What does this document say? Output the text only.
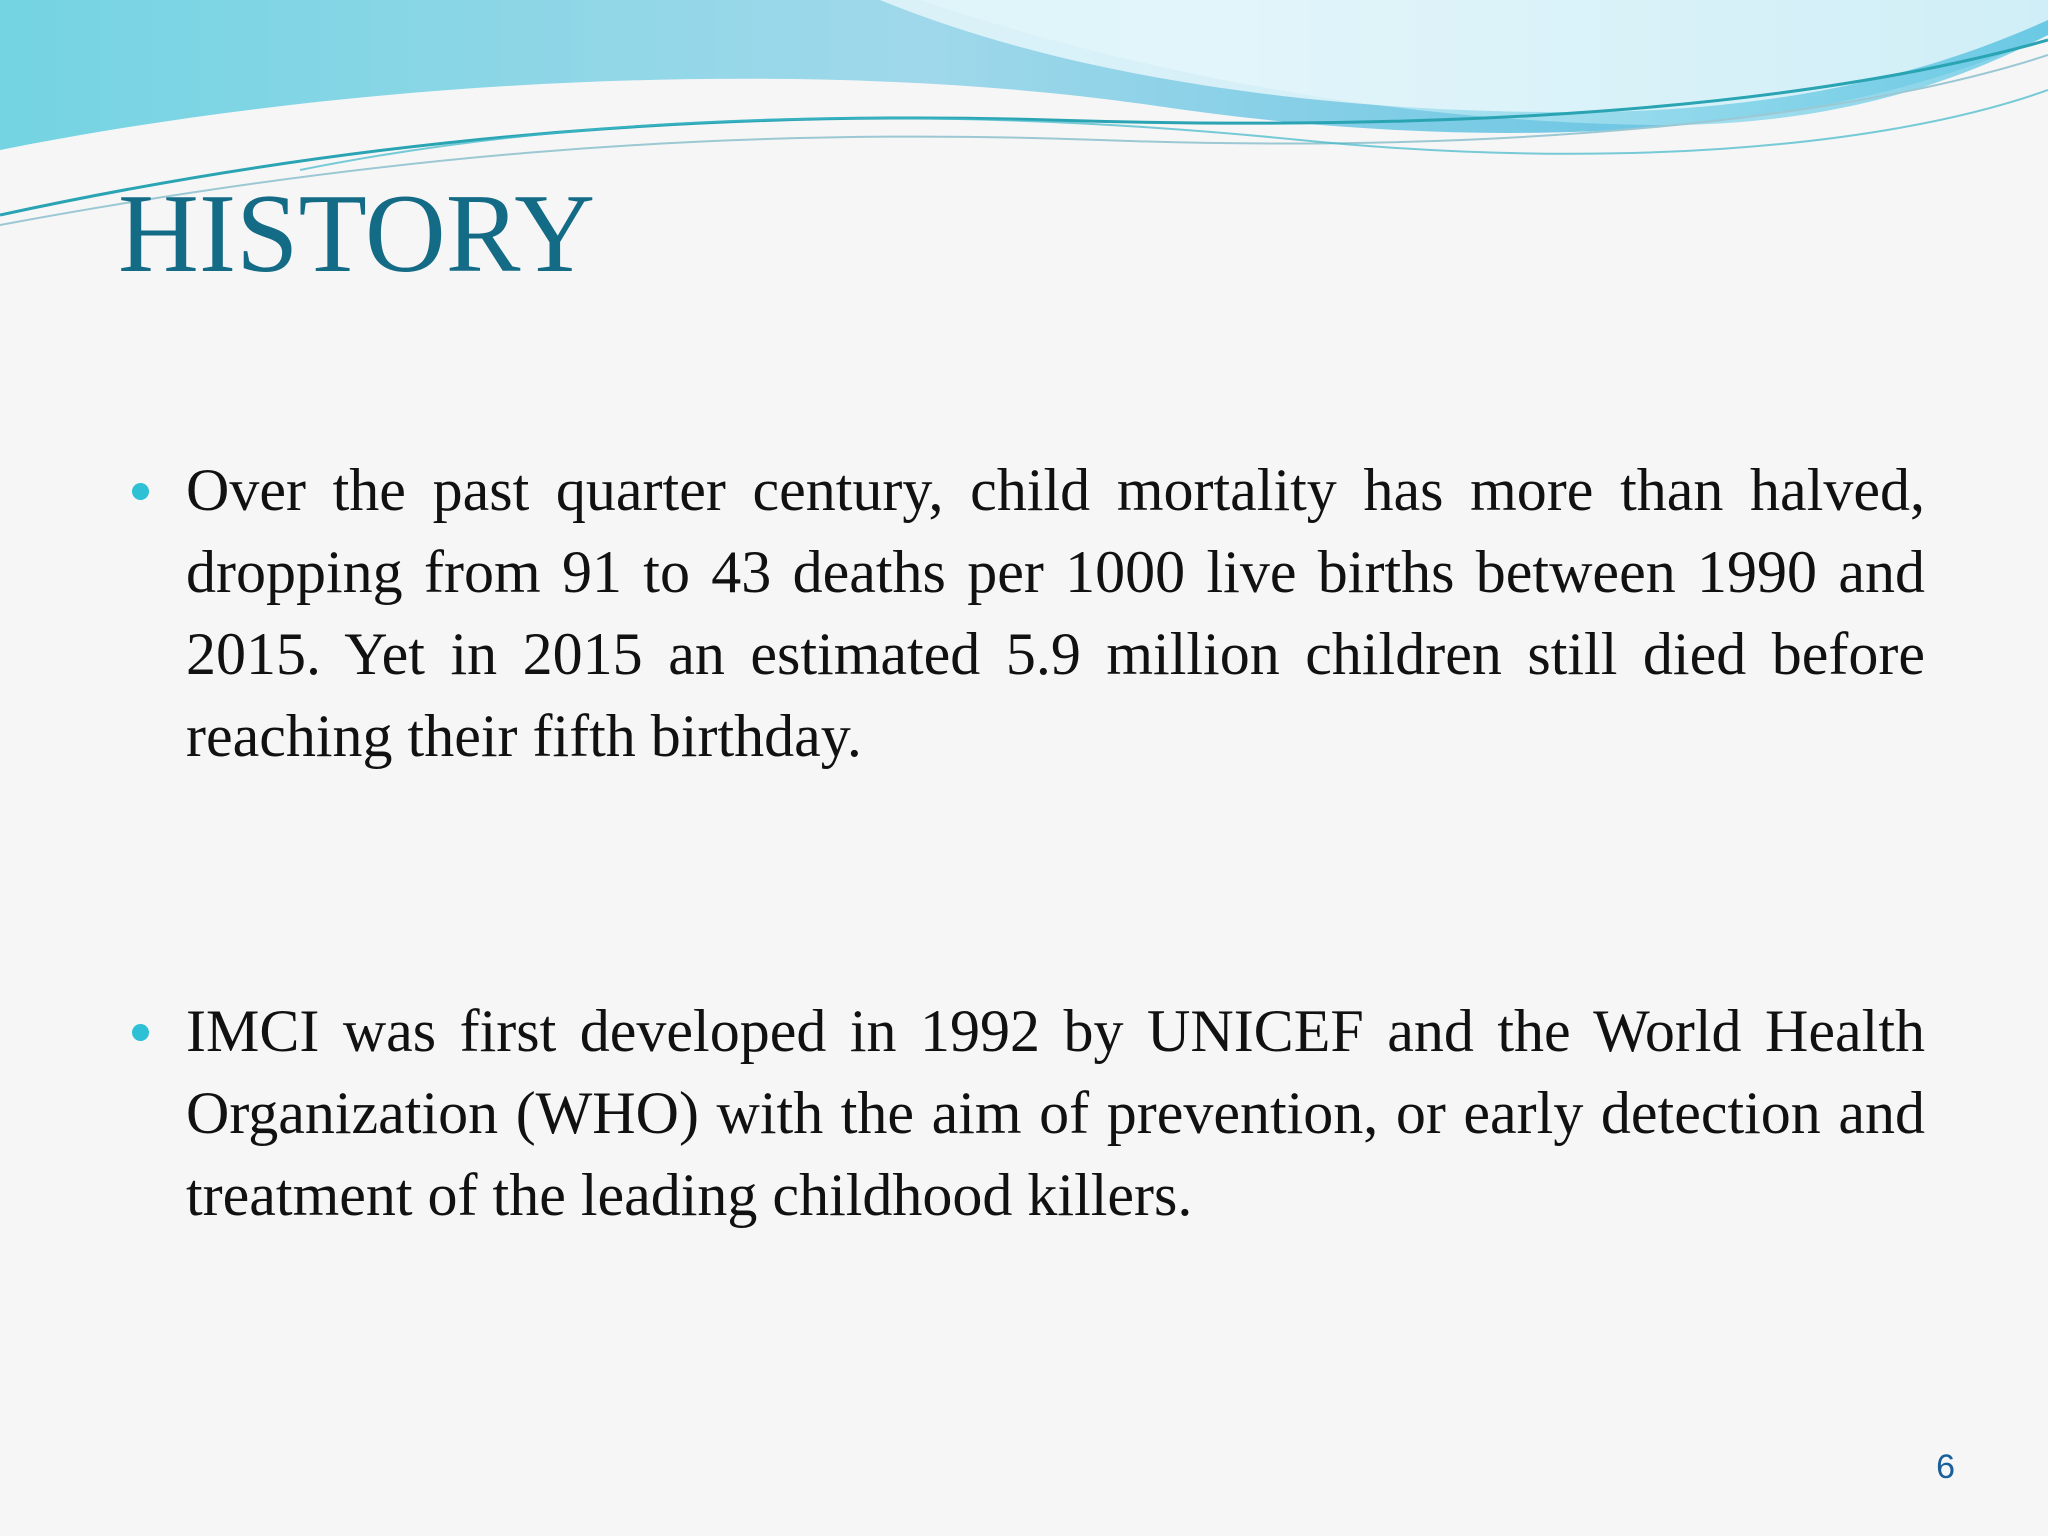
HISTORY
Over the past quarter century, child mortality has more than halved, dropping from 91 to 43 deaths per 1000 live births between 1990 and 2015. Yet in 2015 an estimated 5.9 million children still died before reaching their fifth birthday.
IMCI was first developed in 1992 by UNICEF and the World Health Organization (WHO) with the aim of prevention, or early detection and treatment of the leading childhood killers.
6
